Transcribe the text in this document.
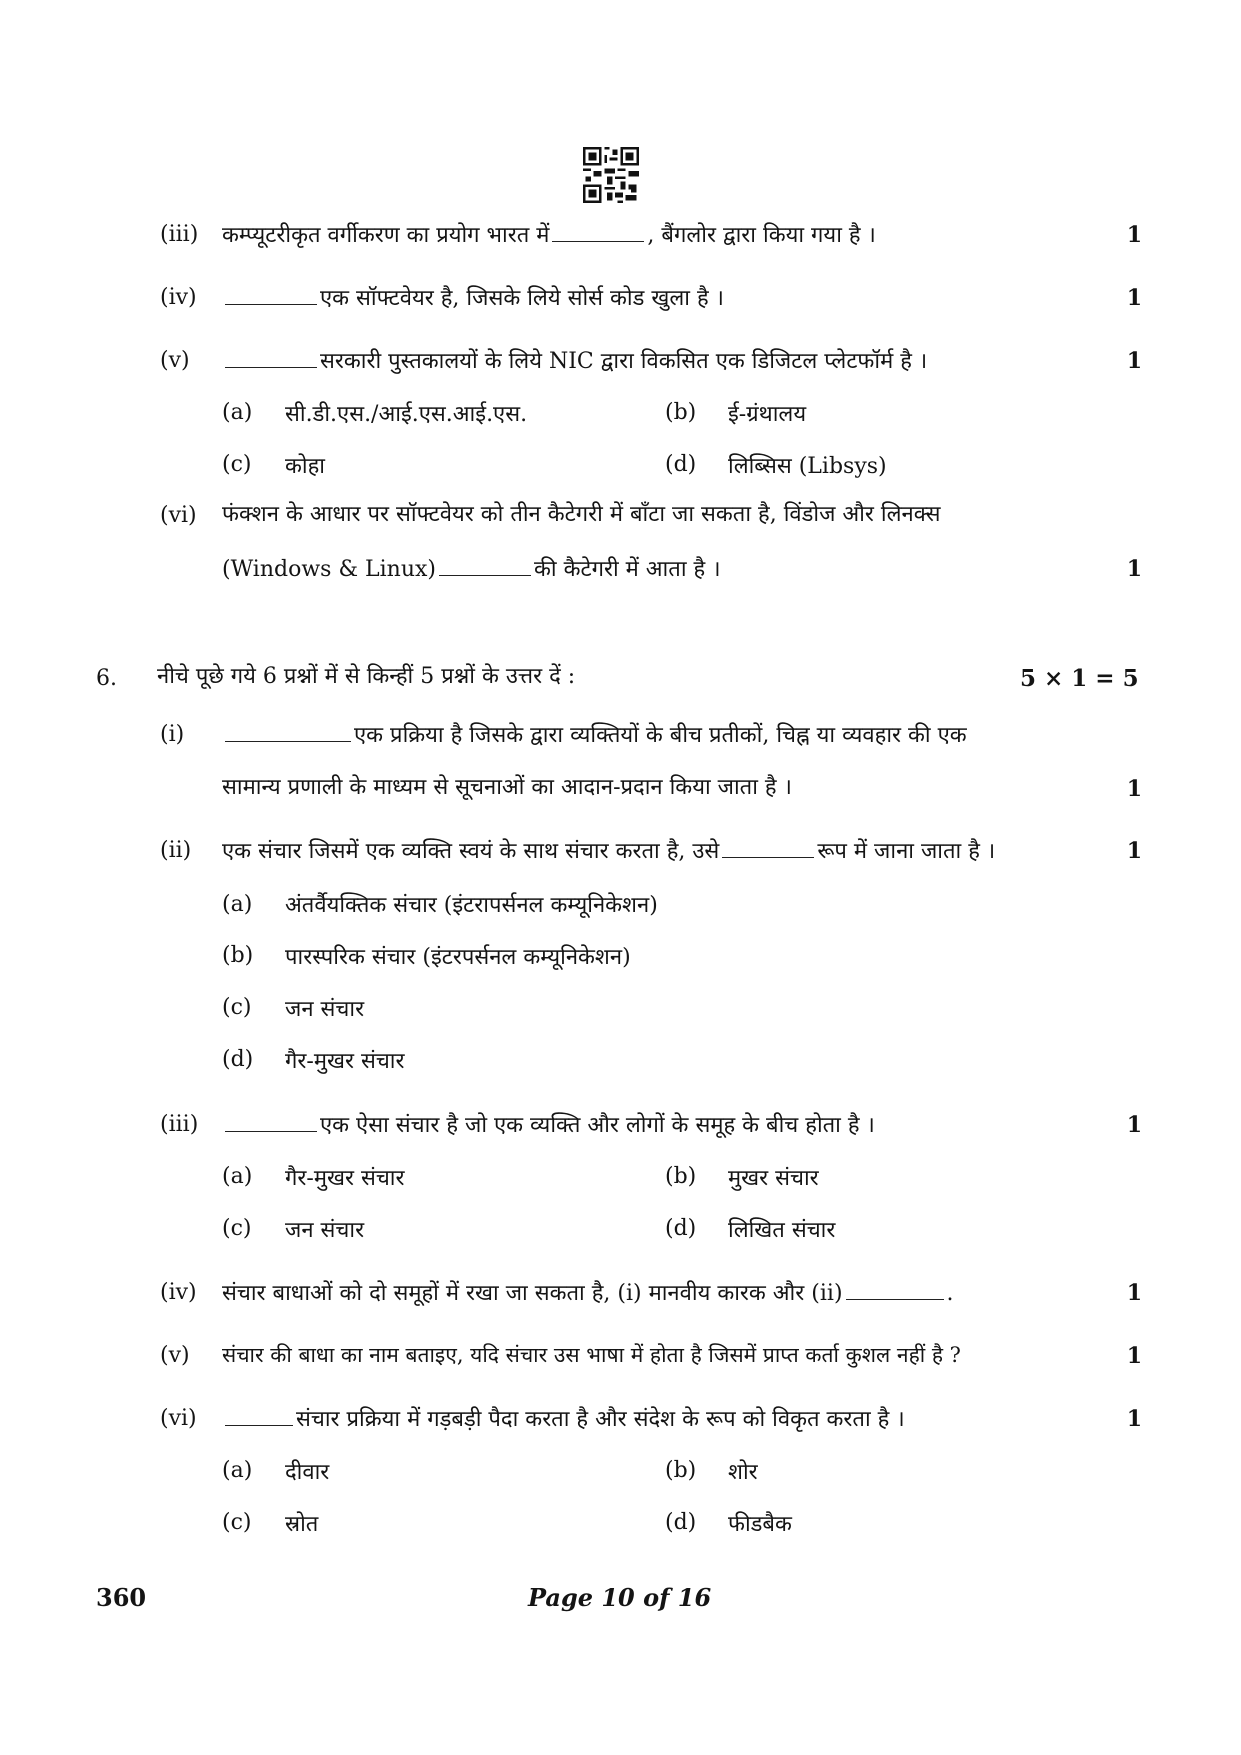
(iii) कम्प्यूटरीकृत वर्गीकरण का प्रयोग भारत में	, बैंगलोर द्वारा किया गया है ।	1
(iv)	एक सॉफ्टवेयर है, जिसके लिये सोर्स कोड खुला है ।	1
(v)	सरकारी पुस्तकालयों के लिये NIC द्वारा विकसित एक डिजिटल प्लेटफॉर्म है ।	1
(a) सी.डी.एस./आई.एस.आई.एस.	(b) ई-ग्रंथालय
(c) कोहा	(d) लिब्सिस (Libsys)
(vi) फंक्शन के आधार पर सॉफ्टवेयर को तीन कैटेगरी में बाँटा जा सकता है, विंडोज और लिनक्स
(Windows & Linux)	की कैटेगरी में आता है ।	1
6. नीचे पूछे गये 6 प्रश्नों में से किन्हीं 5 प्रश्नों के उत्तर दें :	5 × 1 = 5
(i)	एक प्रक्रिया है जिसके द्वारा व्यक्तियों के बीच प्रतीकों, चिह्न या व्यवहार की एक
सामान्य प्रणाली के माध्यम से सूचनाओं का आदान-प्रदान किया जाता है ।	1
(ii) एक संचार जिसमें एक व्यक्ति स्वयं के साथ संचार करता है, उसे	रूप में जाना जाता है ।	1
(a) अंतर्वैयक्तिक संचार (इंटरापर्सनल कम्यूनिकेशन)
(b) पारस्परिक संचार (इंटरपर्सनल कम्यूनिकेशन)
(c) जन संचार
(d) गैर-मुखर संचार
(iii)	एक ऐसा संचार है जो एक व्यक्ति और लोगों के समूह के बीच होता है ।	1
(a) गैर-मुखर संचार	(b) मुखर संचार
(c) जन संचार	(d) लिखित संचार
(iv) संचार बाधाओं को दो समूहों में रखा जा सकता है, (i) मानवीय कारक और (ii)	.	1
(v) संचार की बाधा का नाम बताइए, यदि संचार उस भाषा में होता है जिसमें प्राप्त कर्ता कुशल नहीं है ?	1
(vi)	संचार प्रक्रिया में गड़बड़ी पैदा करता है और संदेश के रूप को विकृत करता है ।	1
(a) दीवार	(b) शोर
(c) स्रोत	(d) फीडबैक
360	Page 10 of 16
